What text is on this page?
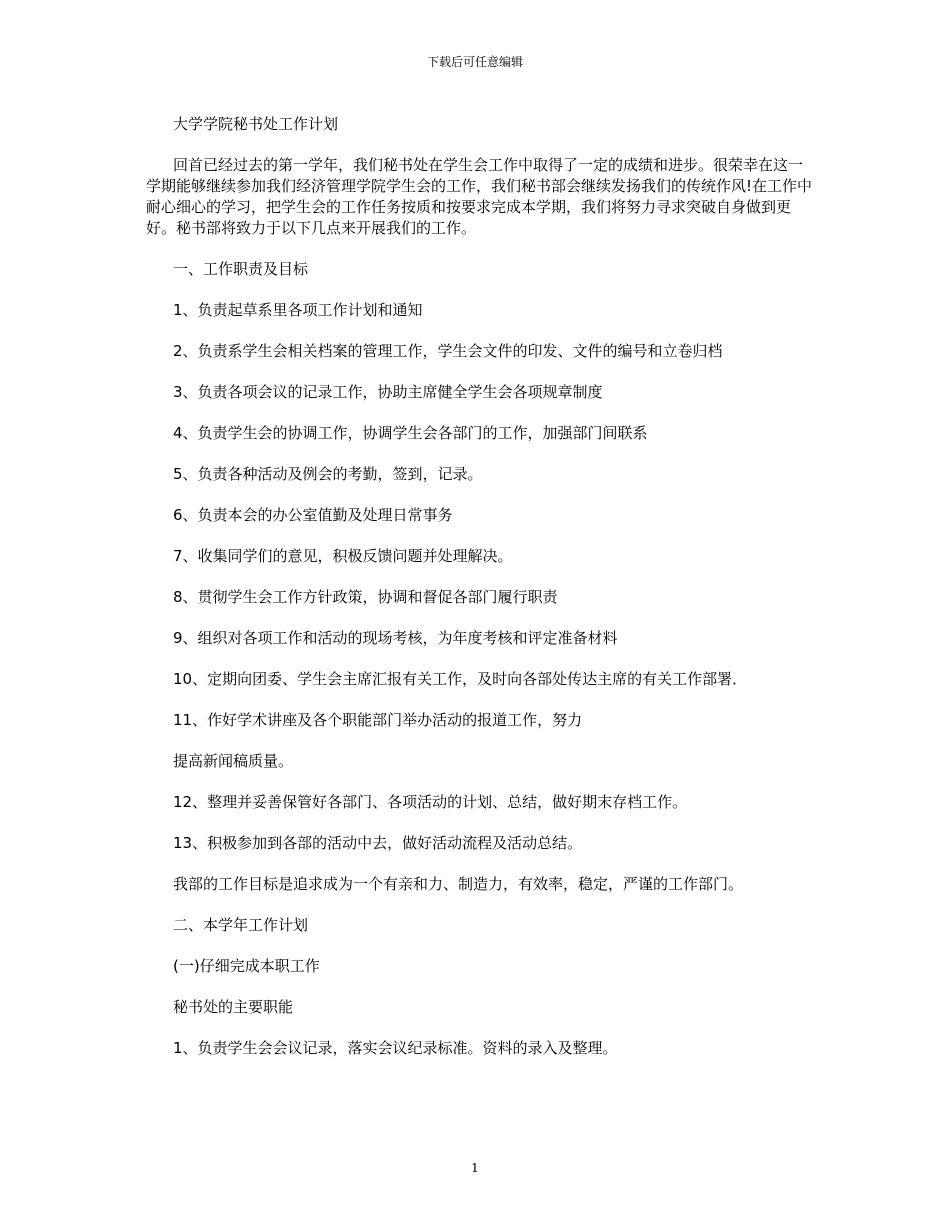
下载后可任意编辑
大学学院秘书处工作计划
回首已经过去的第一学年，我们秘书处在学生会工作中取得了一定的成绩和进步。很荣幸在这一学期能够继续参加我们经济管理学院学生会的工作，我们秘书部会继续发扬我们的传统作风!在工作中耐心细心的学习，把学生会的工作任务按质和按要求完成本学期，我们将努力寻求突破自身做到更好。秘书部将致力于以下几点来开展我们的工作。
一、工作职责及目标
1、负责起草系里各项工作计划和通知
2、负责系学生会相关档案的管理工作，学生会文件的印发、文件的编号和立卷归档
3、负责各项会议的记录工作，协助主席健全学生会各项规章制度
4、负责学生会的协调工作，协调学生会各部门的工作，加强部门间联系
5、负责各种活动及例会的考勤，签到，记录。
6、负责本会的办公室值勤及处理日常事务
7、收集同学们的意见，积极反馈问题并处理解决。
8、贯彻学生会工作方针政策，协调和督促各部门履行职责
9、组织对各项工作和活动的现场考核，为年度考核和评定准备材料
10、定期向团委、学生会主席汇报有关工作，及时向各部处传达主席的有关工作部署．
11、作好学术讲座及各个职能部门举办活动的报道工作，努力
提高新闻稿质量。
12、整理并妥善保管好各部门、各项活动的计划、总结，做好期末存档工作。
13、积极参加到各部的活动中去，做好活动流程及活动总结。
我部的工作目标是追求成为一个有亲和力、制造力，有效率，稳定，严谨的工作部门。
二、本学年工作计划
(一)仔细完成本职工作
秘书处的主要职能
1、负责学生会会议记录，落实会议纪录标准。资料的录入及整理。
1
